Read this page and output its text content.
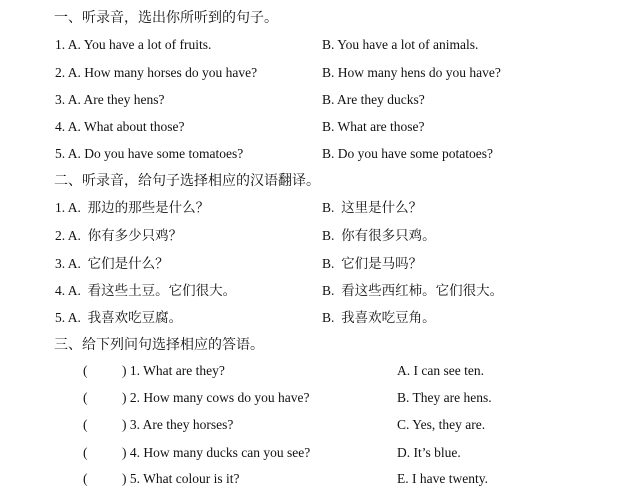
一、听录音，选出你所听到的句子。
1. A. You have a lot of fruits.	B. You have a lot of animals.
2. A. How many horses do you have?	B. How many hens do you have?
3. A. Are they hens?	B. Are they ducks?
4. A. What about those?	B. What are those?
5. A. Do you have some tomatoes?	B. Do you have some potatoes?
二、听录音，给句子选择相应的汉语翻译。
1. A. 那边的那些是什么？	B. 这里是什么？
2. A. 你有多少只鸡？	B. 你有很多只鸡。
3. A. 它们是什么？	B. 它们是马吗？
4. A. 看这些土豆。它们很大。	B. 看这些西红柿。它们很大。
5. A. 我喜欢吃豆腐。	B. 我喜欢吃豆角。
三、给下列问句选择相应的答语。
(	) 1. What are they?	A. I can see ten.
(	) 2. How many cows do you have?	B. They are hens.
(	) 3. Are they horses?	C. Yes, they are.
(	) 4. How many ducks can you see?	D. It’s blue.
(	) 5. What colour is it?	E. I have twenty.
